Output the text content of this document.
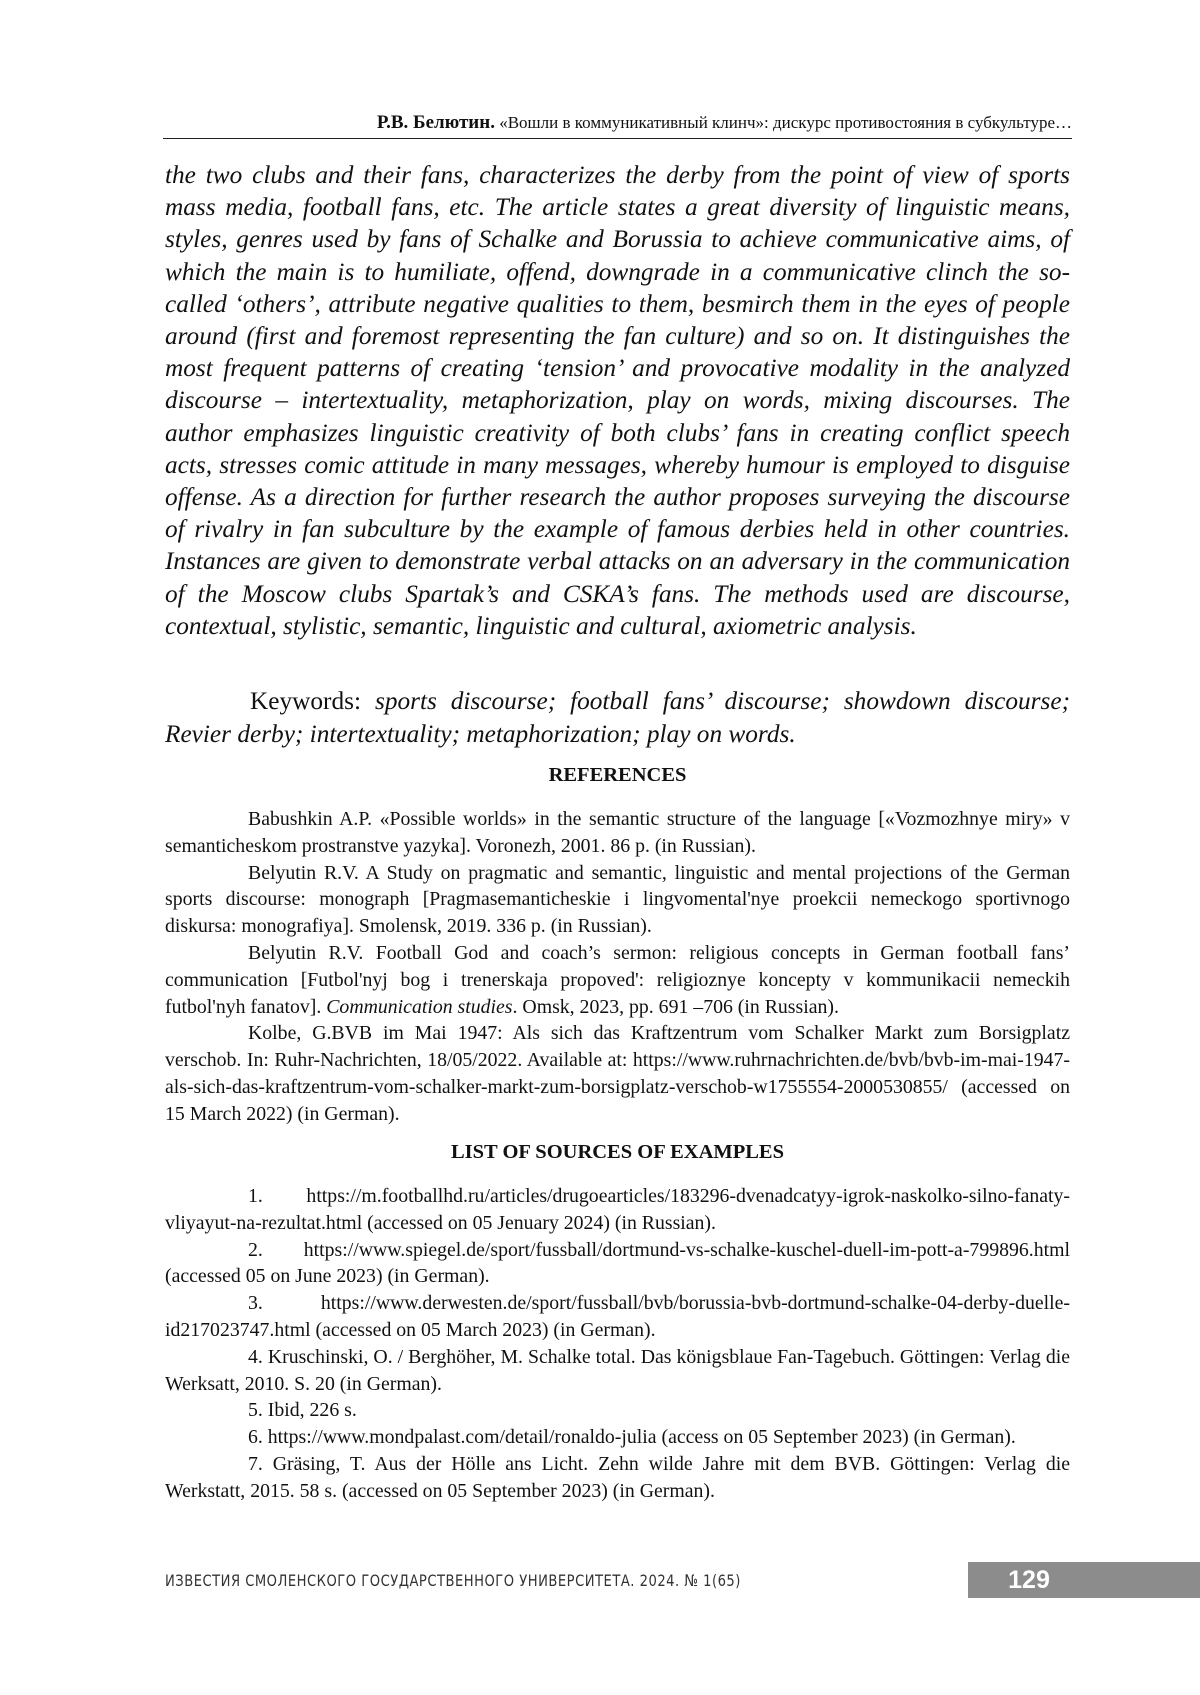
Р.В. Белютин. «Вошли в коммуникативный клинч»: дискурс противостояния в субкультуре…

the two clubs and their fans, characterizes the derby from the point of view of sports mass media, football fans, etc. The article states a great diversity of linguistic means, styles, genres used by fans of Schalke and Borussia to achieve communicative aims, of which the main is to humiliate, offend, downgrade in a communicative clinch the so-called ‘others’, attribute negative qualities to them, besmirch them in the eyes of people around (first and foremost representing the fan culture) and so on. It distinguishes the most frequent patterns of creating ‘tension’ and provocative modality in the analyzed discourse – intertextuality, metaphorization, play on words, mixing discourses. The author emphasizes linguistic creativity of both clubs’ fans in creating conflict speech acts, stresses comic attitude in many messages, whereby humour is employed to disguise offense. As a direction for further research the author proposes surveying the discourse of rivalry in fan subculture by the example of famous derbies held in other countries. Instances are given to demonstrate verbal attacks on an adversary in the communication of the Moscow clubs Spartak’s and CSKA’s fans. The methods used are discourse, contextual, stylistic, semantic, linguistic and cultural, axiometric analysis.

Keywords: sports discourse; football fans’ discourse; showdown discourse; Revier derby; intertextuality; metaphorization; play on words.

REFERENCES

Babushkin A.P. «Possible worlds» in the semantic structure of the language [«Vozmozhnye miry» v semanticheskom prostranstve yazyka]. Voronezh, 2001. 86 p. (in Russian).

Belyutin R.V. A Study on pragmatic and semantic, linguistic and mental projections of the German sports discourse: monograph [Pragmasemanticheskie i lingvomental'nye proekcii nemeckogo sportivnogo diskursa: monografiya]. Smolensk, 2019. 336 p. (in Russian).

Belyutin R.V. Football God and coach’s sermon: religious concepts in German football fans’ communication [Futbol'nyj bog i trenerskaja propoved': religioznye koncepty v kommunikacii nemeckih futbol'nyh fanatov]. Communication studies. Omsk, 2023, pp. 691 –706 (in Russian).

Kolbe, G.BVB im Mai 1947: Als sich das Kraftzentrum vom Schalker Markt zum Borsigplatz verschob. In: Ruhr-Nachrichten, 18/05/2022. Available at: https://www.ruhrnachrichten.de/bvb/bvb-im-mai-1947-als-sich-das-kraftzentrum-vom-schalker-markt-zum-borsigplatz-verschob-w1755554-2000530855/ (accessed on 15 March 2022) (in German).

LIST OF SOURCES OF EXAMPLES

1. https://m.footballhd.ru/articles/drugoearticles/183296-dvenadcatyy-igrok-naskolko-silno-fanaty-vliyayut-na-rezultat.html (accessed on 05 Jenuary 2024) (in Russian).

2. https://www.spiegel.de/sport/fussball/dortmund-vs-schalke-kuschel-duell-im-pott-a-799896.html (accessed 05 on June 2023) (in German).

3. https://www.derwesten.de/sport/fussball/bvb/borussia-bvb-dortmund-schalke-04-derby-duelle-id217023747.html (accessed on 05 March 2023) (in German).

4. Kruschinski, O. / Berghöher, M. Schalke total. Das königsblaue Fan-Tagebuch. Göttingen: Verlag die Werksatt, 2010. S. 20 (in German).

5. Ibid, 226 s.

6. https://www.mondpalast.com/detail/ronaldo-julia (access on 05 September 2023) (in German).

7. Gräsing, T. Aus der Hölle ans Licht. Zehn wilde Jahre mit dem BVB. Göttingen: Verlag die Werkstatt, 2015. 58 s. (accessed on 05 September 2023) (in German).

ИЗВЕСТИЯ СМОЛЕНСКОГО ГОСУДАРСТВЕННОГО УНИВЕРСИТЕТА. 2024. № 1(65)	129
